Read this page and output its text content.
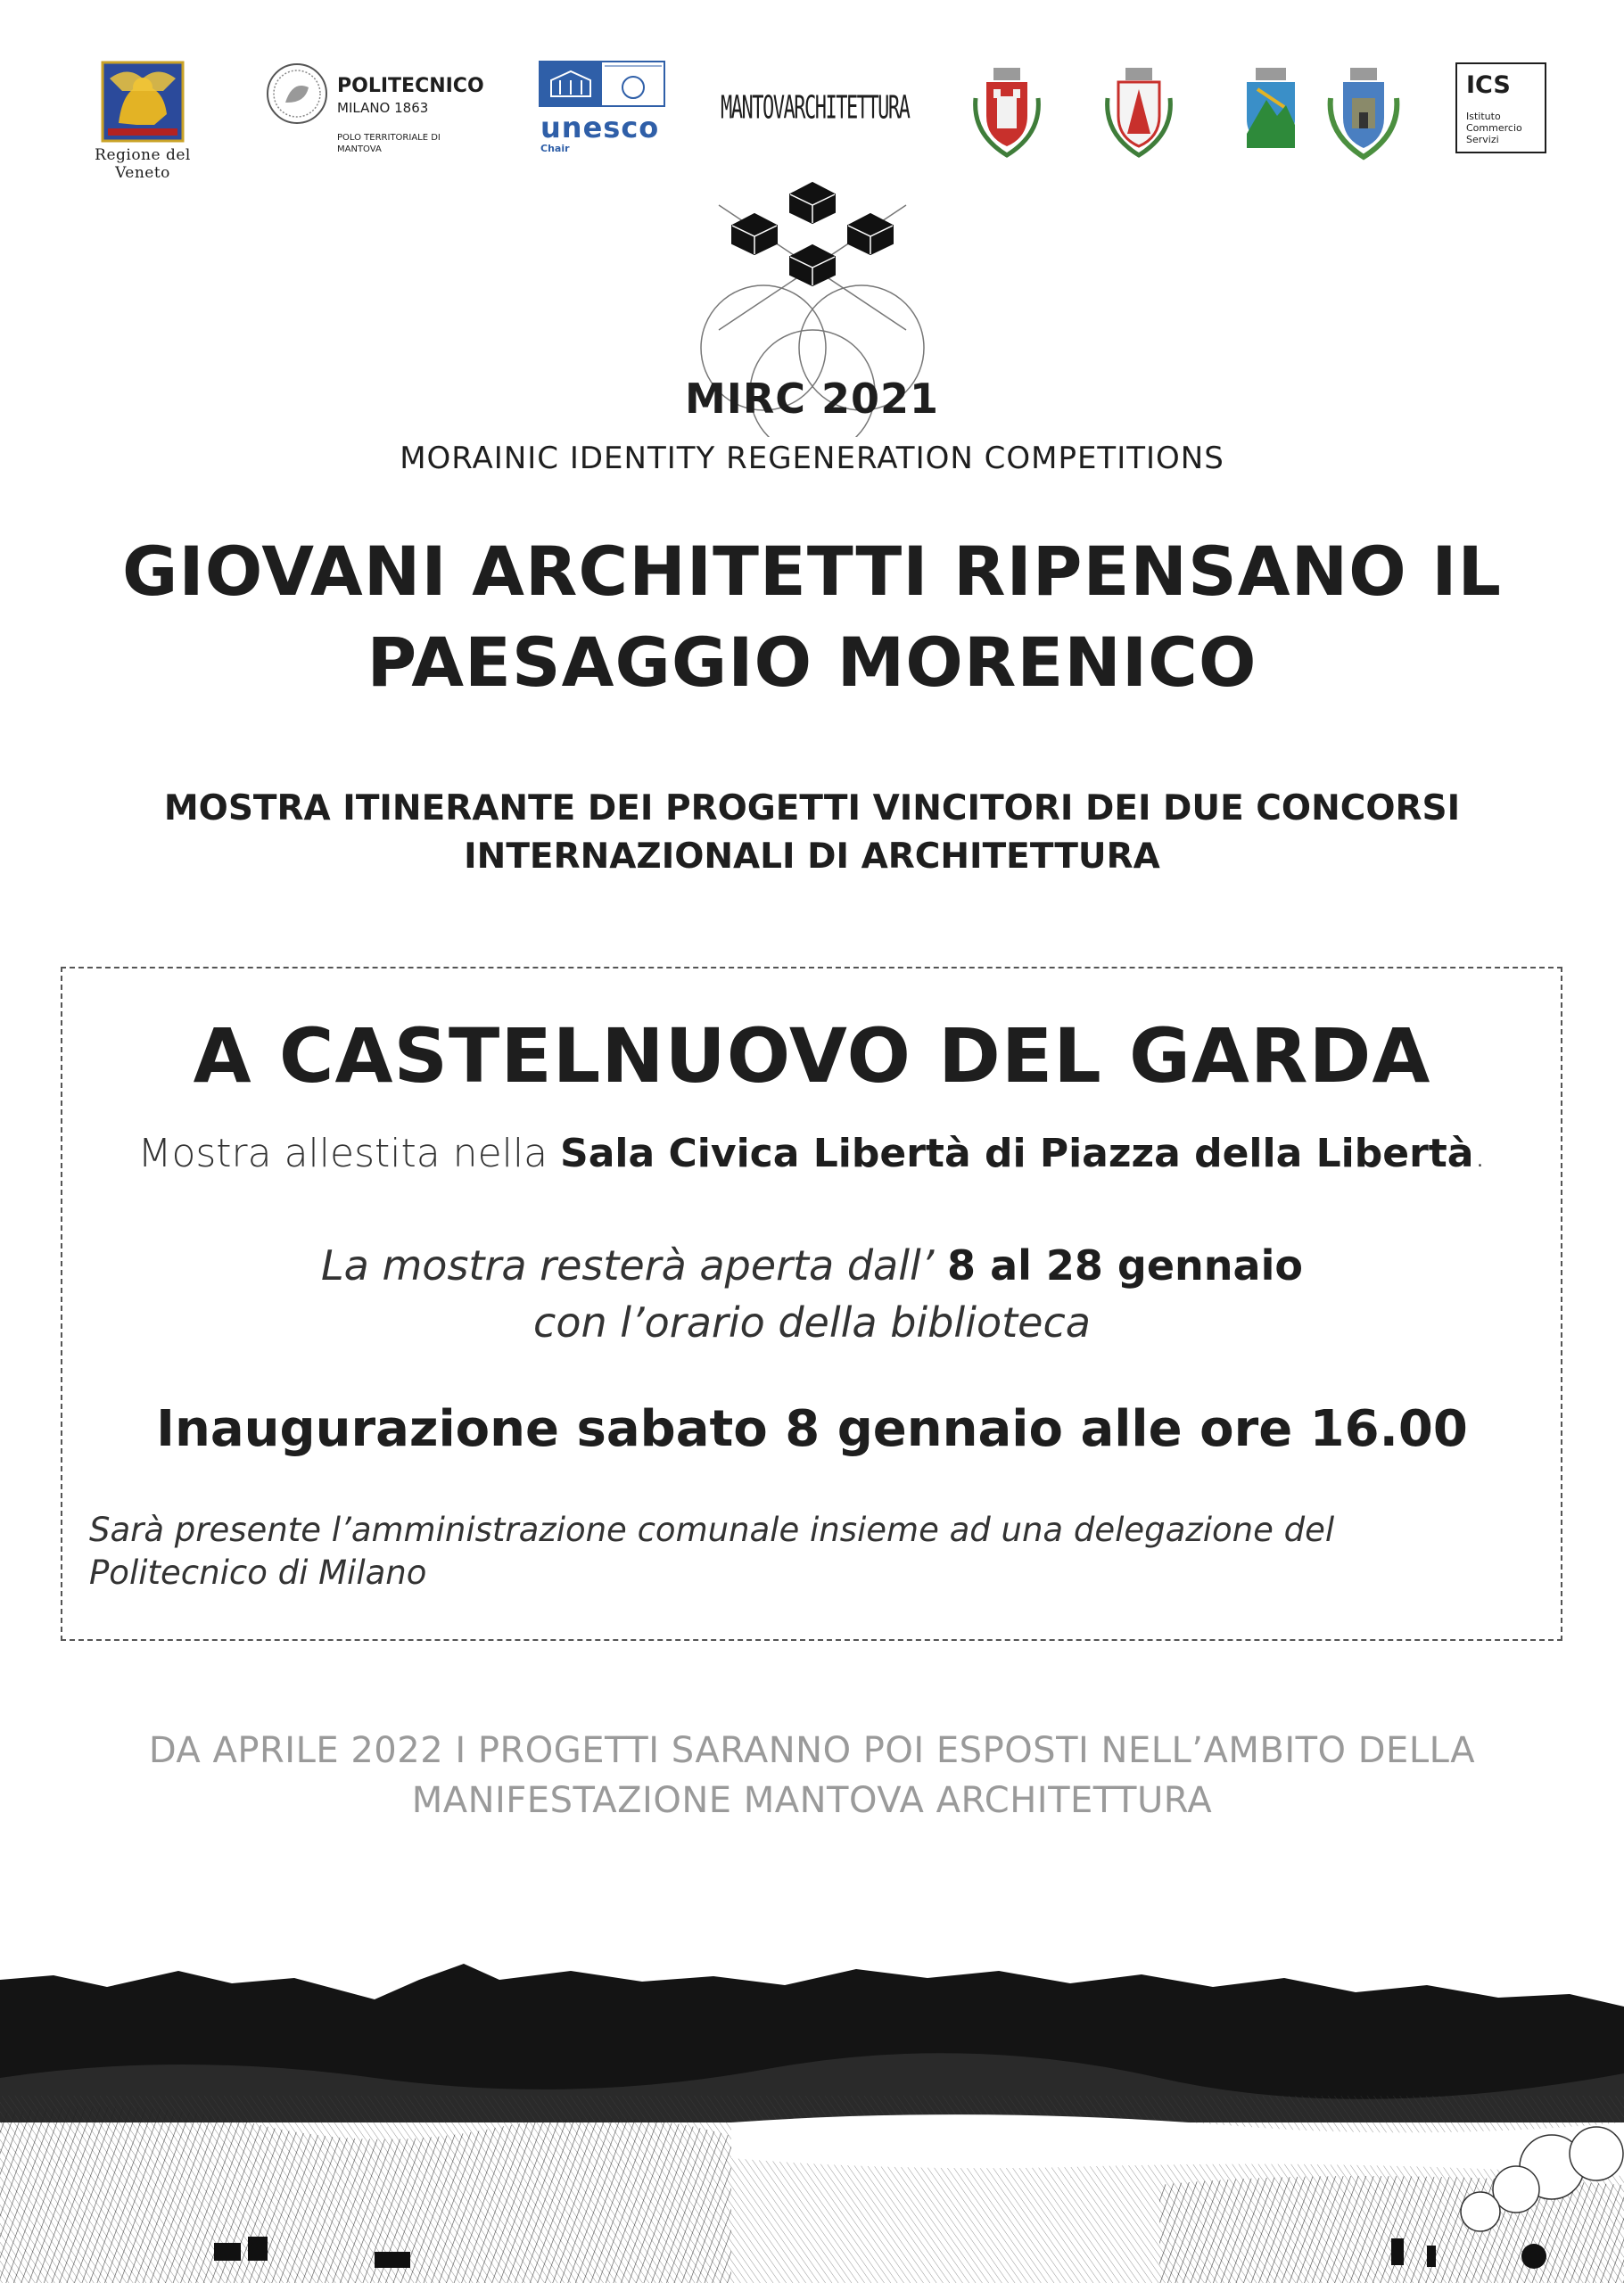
Regione del Veneto
POLITECNICO
MILANO 1863
POLO TERRITORIALE DI MANTOVA
unesco
Chair
MANTOVARCHITETTURA
ICS
Istituto Commercio Servizi
MIRC 2021
MORAINIC IDENTITY REGENERATION COMPETITIONS
GIOVANI ARCHITETTI RIPENSANO IL
PAESAGGIO MORENICO
MOSTRA ITINERANTE DEI PROGETTI VINCITORI DEI DUE CONCORSI
INTERNAZIONALI DI ARCHITETTURA
A CASTELNUOVO DEL GARDA
Mostra allestita nella Sala Civica Libertà di Piazza della Libertà.
La mostra resterà aperta dall’ 8 al 28 gennaio
con l’orario della biblioteca
Inaugurazione sabato 8 gennaio alle ore 16.00
Sarà presente l’amministrazione comunale insieme ad una delegazione del Politecnico di Milano
DA APRILE 2022 I PROGETTI SARANNO POI ESPOSTI NELL’AMBITO DELLA
MANIFESTAZIONE MANTOVA ARCHITETTURA
